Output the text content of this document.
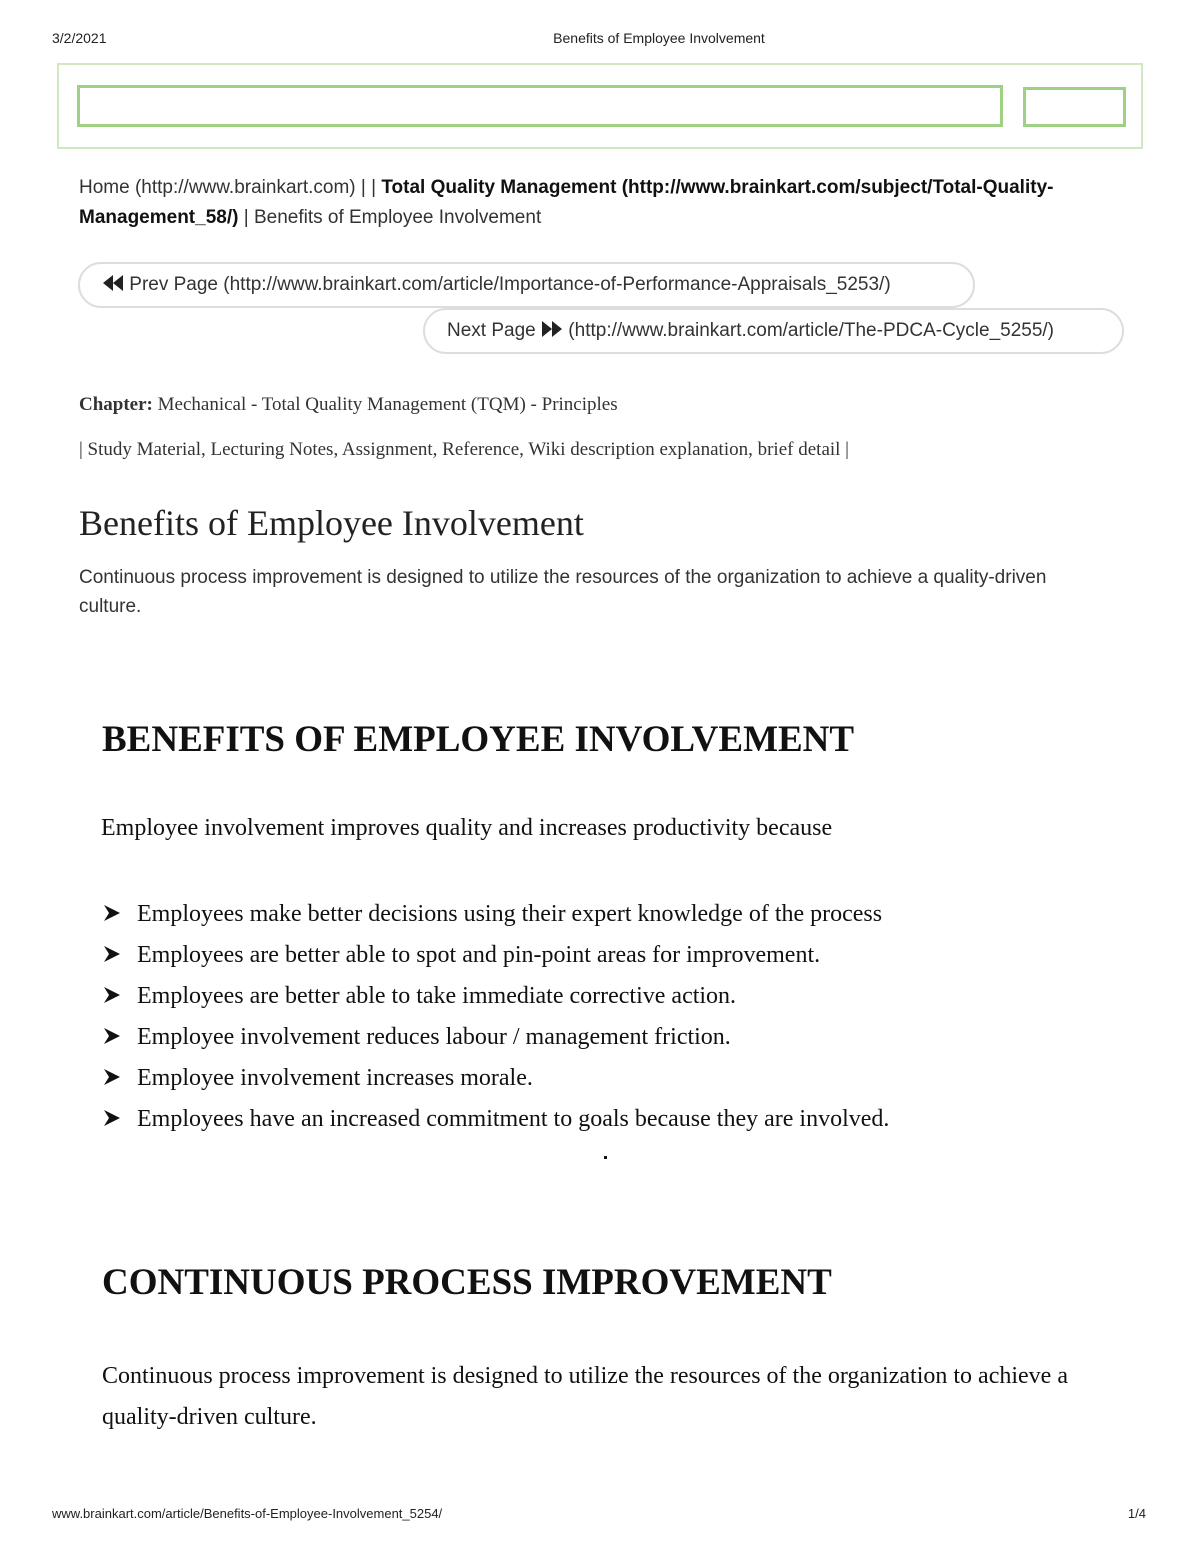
3/2/2021	Benefits of Employee Involvement
Home (http://www.brainkart.com) | | Total Quality Management (http://www.brainkart.com/subject/Total-Quality-Management_58/) | Benefits of Employee Involvement
Prev Page (http://www.brainkart.com/article/Importance-of-Performance-Appraisals_5253/)
Next Page (http://www.brainkart.com/article/The-PDCA-Cycle_5255/)
Chapter: Mechanical - Total Quality Management (TQM) - Principles
| Study Material, Lecturing Notes, Assignment, Reference, Wiki description explanation, brief detail |
Benefits of Employee Involvement

Continuous process improvement is designed to utilize the resources of the organization to achieve a quality-driven culture.

BENEFITS OF EMPLOYEE INVOLVEMENT

Employee involvement improves quality and increases productivity because

Employees make better decisions using their expert knowledge of the process
Employees are better able to spot and pin-point areas for improvement.
Employees are better able to take immediate corrective action.
Employee involvement reduces labour / management friction.
Employee involvement increases morale.
Employees have an increased commitment to goals because they are involved.
CONTINUOUS PROCESS IMPROVEMENT

Continuous process improvement is designed to utilize the resources of the organization to achieve a quality-driven culture.

www.brainkart.com/article/Benefits-of-Employee-Involvement_5254/	1/4
